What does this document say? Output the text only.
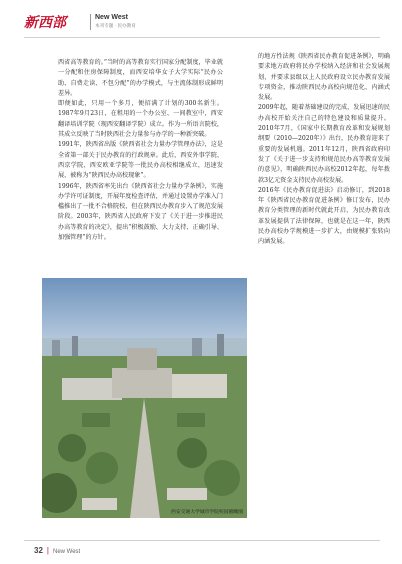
新西部	New West
本刊专题 · 民办教育

西省高等教育的。”当时的高等教育实行国家分配制度，毕业就一分配和住房保障制度，而西安培华女子大学实际“民办公助、自费走读、不包分配”的办学模式，与主流体制形成鲜明差异。

即便如此，只用一个多月，便招满了计划的300名新生。1987年9月23日，在租用的一个办公室、一间教室中，西安翻译培训学院（现西安翻译学院）成立。作为一所语言院校，其成立反映了当时陕西社会力量参与办学的一种新突破。

1991年，陕西省出版《陕西省社会力量办学管理办法》，这是全省第一部关于民办教育的行政规章。此后，西安外事学院、西京学院、西安欧亚学院等一批民办高校相继成立，迅速发展，被称为“陕西民办高校现象”。

1996年，陕西省率先出台《陕西省社会力量办学条例》，实施办学许可证制度，开展年度检查评估，并通过设置办学准入门槛推出了一批不合格院校，但在陕西民办教育步入了规范发展阶段。2003年，陕西省人民政府下发了《关于进一步推进民办高等教育的决定》，提出“积极鼓励、大力支持、正确引导、加强管理”的方针。

西安交通大学城市学院校园俯瞰图

的地方性法规《陕西省民办教育促进条例》，明确要求地方政府将民办学校纳入经济和社会发展规划，并要求县级以上人民政府设立民办教育发展专项资金，推动陕西民办高校向规范化、内涵式发展。

2009年起，随着基础建设的完成，发展迅速的民办高校开始关注自己的特色建设和质量提升。2010年7月，《国家中长期教育改革和发展规划纲要（2010—2020年）》出台，民办教育迎来了重要的发展机遇。2011年12月，陕西省政府印发了《关于进一步支持和规范民办高等教育发展的意见》，明确陕西民办高校2012年起，每年拨款3亿元资金支持民办高校发展。

2016年《民办教育促进法》启动修订，到2018年《陕西省民办教育促进条例》修订发布，民办教育分类管理的新时代就此开启，为民办教育改革发展提供了法律保障，也就是在这一年，陕西民办高校办学规模进一步扩大，由规模扩张转向内涵发展。

32 | New West
